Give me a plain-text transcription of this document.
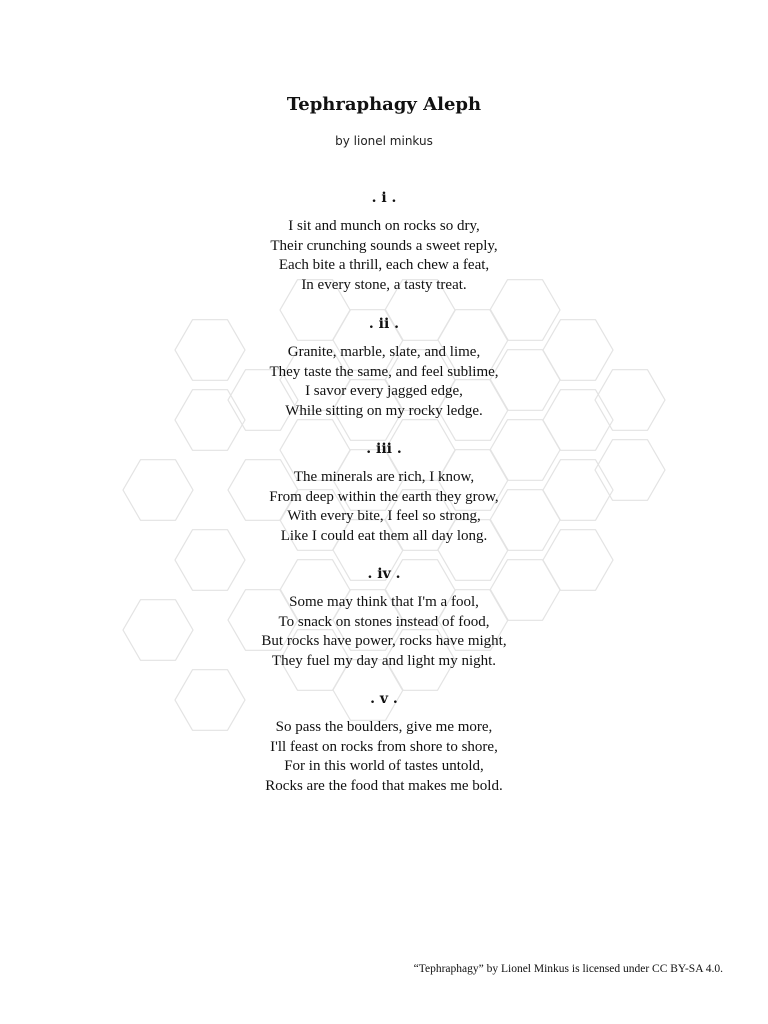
Tephraphagy Aleph
by lionel minkus
. i .
I sit and munch on rocks so dry,
Their crunching sounds a sweet reply,
Each bite a thrill, each chew a feat,
In every stone, a tasty treat.
. ii .
Granite, marble, slate, and lime,
They taste the same, and feel sublime,
I savor every jagged edge,
While sitting on my rocky ledge.
. iii .
The minerals are rich, I know,
From deep within the earth they grow,
With every bite, I feel so strong,
Like I could eat them all day long.
. iv .
Some may think that I'm a fool,
To snack on stones instead of food,
But rocks have power, rocks have might,
They fuel my day and light my night.
. v .
So pass the boulders, give me more,
I'll feast on rocks from shore to shore,
For in this world of tastes untold,
Rocks are the food that makes me bold.
“Tephraphagy” by Lionel Minkus is licensed under CC BY-SA 4.0.
